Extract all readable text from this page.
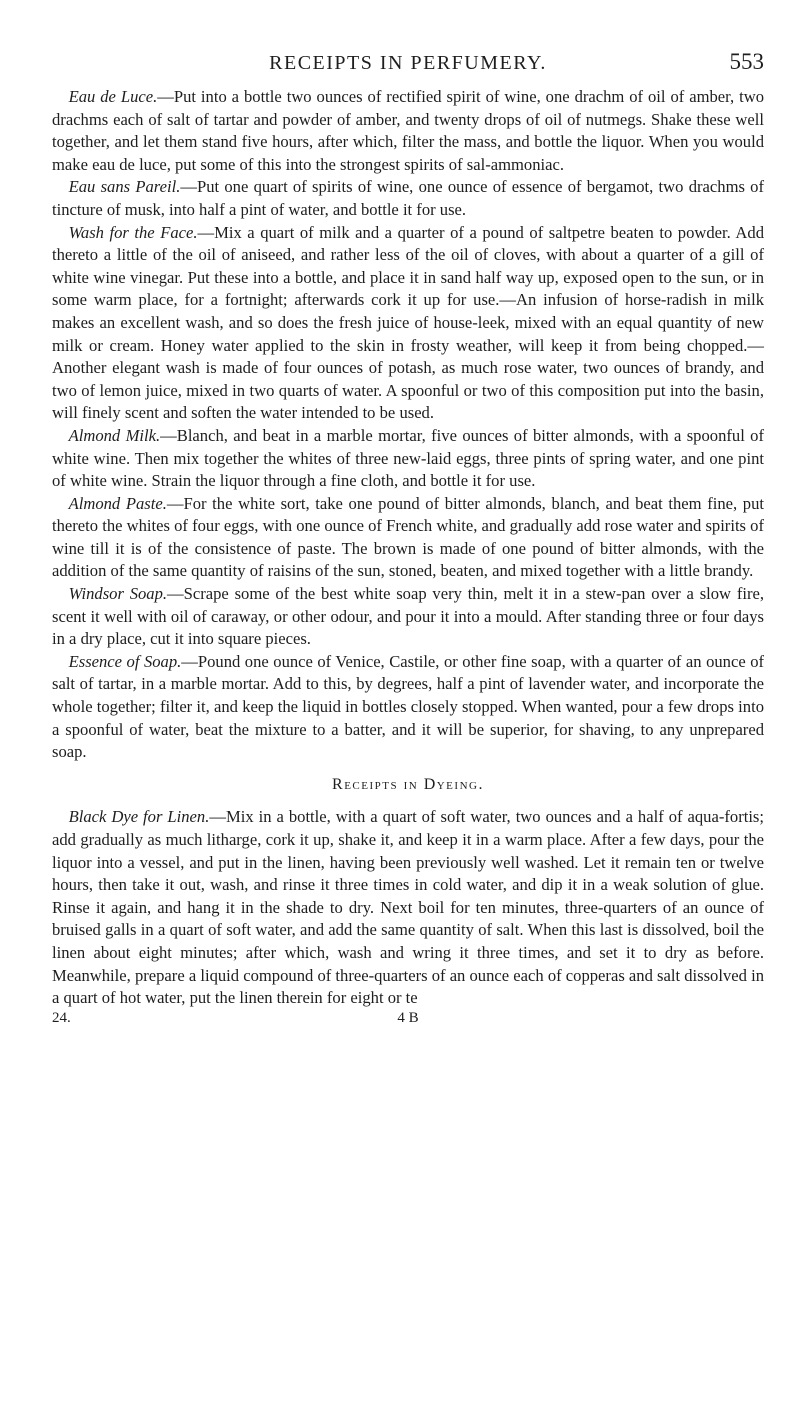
RECEIPTS IN PERFUMERY.	553

Eau de Luce.—Put into a bottle two ounces of rectified spirit of wine, one drachm of oil of amber, two drachms each of salt of tartar and powder of amber, and twenty drops of oil of nutmegs. Shake these well together, and let them stand five hours, after which, filter the mass, and bottle the liquor. When you would make eau de luce, put some of this into the strongest spirits of sal-ammoniac.

Eau sans Pareil.—Put one quart of spirits of wine, one ounce of essence of bergamot, two drachms of tincture of musk, into half a pint of water, and bottle it for use.

Wash for the Face.—Mix a quart of milk and a quarter of a pound of saltpetre beaten to powder. Add thereto a little of the oil of aniseed, and rather less of the oil of cloves, with about a quarter of a gill of white wine vinegar. Put these into a bottle, and place it in sand half way up, exposed open to the sun, or in some warm place, for a fortnight; afterwards cork it up for use.—An infusion of horse-radish in milk makes an excellent wash, and so does the fresh juice of house-leek, mixed with an equal quantity of new milk or cream. Honey water applied to the skin in frosty weather, will keep it from being chopped.—Another elegant wash is made of four ounces of potash, as much rose water, two ounces of brandy, and two of lemon juice, mixed in two quarts of water. A spoonful or two of this composition put into the basin, will finely scent and soften the water intended to be used.

Almond Milk.—Blanch, and beat in a marble mortar, five ounces of bitter almonds, with a spoonful of white wine. Then mix together the whites of three new-laid eggs, three pints of spring water, and one pint of white wine. Strain the liquor through a fine cloth, and bottle it for use.

Almond Paste.—For the white sort, take one pound of bitter almonds, blanch, and beat them fine, put thereto the whites of four eggs, with one ounce of French white, and gradually add rose water and spirits of wine till it is of the consistence of paste. The brown is made of one pound of bitter almonds, with the addition of the same quantity of raisins of the sun, stoned, beaten, and mixed together with a little brandy.

Windsor Soap.—Scrape some of the best white soap very thin, melt it in a stew-pan over a slow fire, scent it well with oil of caraway, or other odour, and pour it into a mould. After standing three or four days in a dry place, cut it into square pieces.

Essence of Soap.—Pound one ounce of Venice, Castile, or other fine soap, with a quarter of an ounce of salt of tartar, in a marble mortar. Add to this, by degrees, half a pint of lavender water, and incorporate the whole together; filter it, and keep the liquid in bottles closely stopped. When wanted, pour a few drops into a spoonful of water, beat the mixture to a batter, and it will be superior, for shaving, to any unprepared soap.

Receipts in Dyeing.

Black Dye for Linen.—Mix in a bottle, with a quart of soft water, two ounces and a half of aqua-fortis; add gradually as much litharge, cork it up, shake it, and keep it in a warm place. After a few days, pour the liquor into a vessel, and put in the linen, having been previously well washed. Let it remain ten or twelve hours, then take it out, wash, and rinse it three times in cold water, and dip it in a weak solution of glue. Rinse it again, and hang it in the shade to dry. Next boil for ten minutes, three-quarters of an ounce of bruised galls in a quart of soft water, and add the same quantity of salt. When this last is dissolved, boil the linen about eight minutes; after which, wash and wring it three times, and set it to dry as before. Meanwhile, prepare a liquid compound of three-quarters of an ounce each of copperas and salt dissolved in a quart of hot water, put the linen therein for eight or te

24.	4 B
